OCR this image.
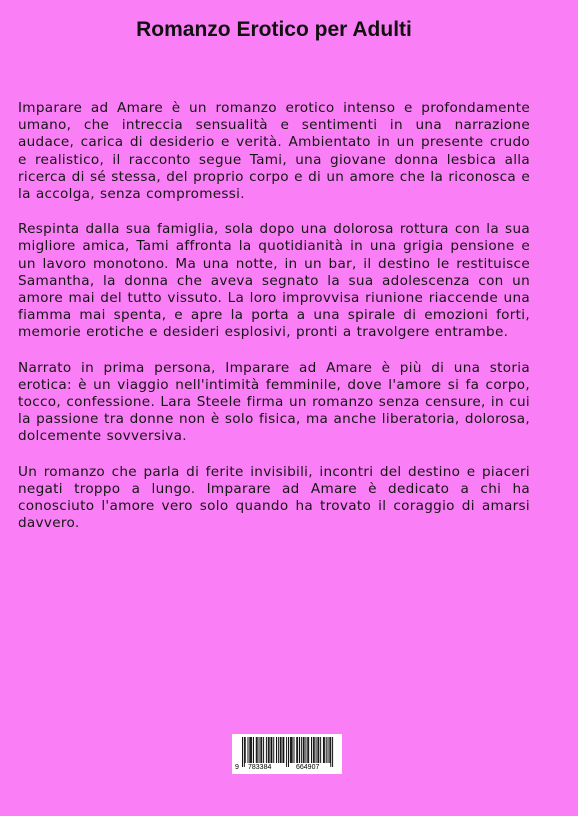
Romanzo Erotico per Adulti

Imparare ad Amare è un romanzo erotico intenso e profondamente umano, che intreccia sensualità e sentimenti in una narrazione audace, carica di desiderio e verità. Ambientato in un presente crudo e realistico, il racconto segue Tami, una giovane donna lesbica alla ricerca di sé stessa, del proprio corpo e di un amore che la riconosca e la accolga, senza compromessi.

Respinta dalla sua famiglia, sola dopo una dolorosa rottura con la sua migliore amica, Tami affronta la quotidianità in una grigia pensione e un lavoro monotono. Ma una notte, in un bar, il destino le restituisce Samantha, la donna che aveva segnato la sua adolescenza con un amore mai del tutto vissuto. La loro improvvisa riunione riaccende una fiamma mai spenta, e apre la porta a una spirale di emozioni forti, memorie erotiche e desideri esplosivi, pronti a travolgere entrambe.

Narrato in prima persona, Imparare ad Amare è più di una storia erotica: è un viaggio nell'intimità femminile, dove l'amore si fa corpo, tocco, confessione. Lara Steele firma un romanzo senza censure, in cui la passione tra donne non è solo fisica, ma anche liberatoria, dolorosa, dolcemente sovversiva.

Un romanzo che parla di ferite invisibili, incontri del destino e piaceri negati troppo a lungo. Imparare ad Amare è dedicato a chi ha conosciuto l'amore vero solo quando ha trovato il coraggio di amarsi davvero.

9 783384	664907
